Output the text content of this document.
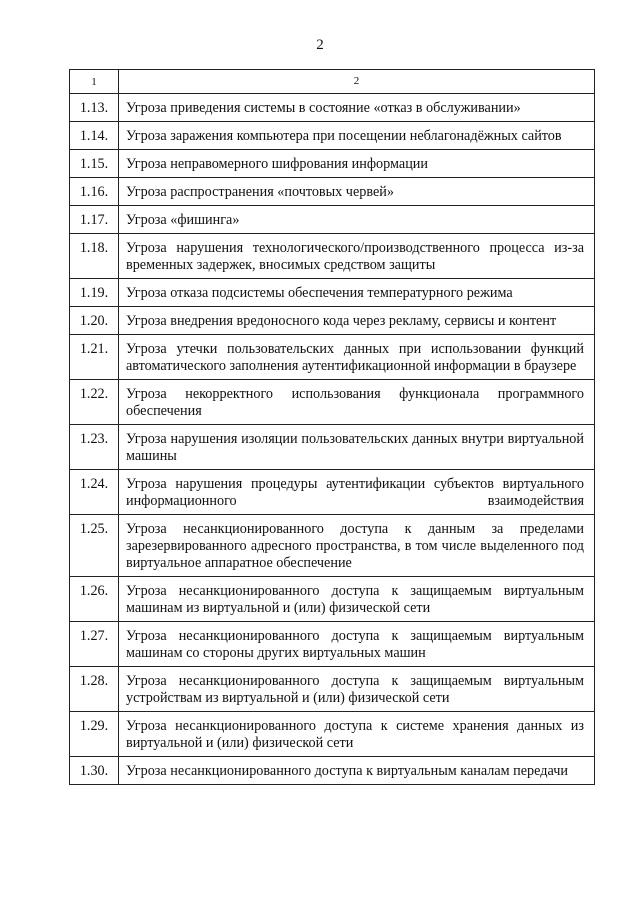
2
1	2
1.13.	Угроза приведения системы в состояние «отказ в обслуживании»
1.14.	Угроза заражения компьютера при посещении неблагонадёжных сайтов
1.15.	Угроза неправомерного шифрования информации
1.16.	Угроза распространения «почтовых червей»
1.17.	Угроза «фишинга»
1.18.	Угроза нарушения технологического/производственного процесса из-за временных задержек, вносимых средством защиты
1.19.	Угроза отказа подсистемы обеспечения температурного режима
1.20.	Угроза внедрения вредоносного кода через рекламу, сервисы и контент
1.21.	Угроза утечки пользовательских данных при использовании функций автоматического заполнения аутентификационной информации в браузере
1.22.	Угроза некорректного использования функционала программного обеспечения
1.23.	Угроза нарушения изоляции пользовательских данных внутри виртуальной машины
1.24.	Угроза нарушения процедуры аутентификации субъектов виртуального информационного взаимодействия
1.25.	Угроза несанкционированного доступа к данным за пределами зарезервированного адресного пространства, в том числе выделенного под виртуальное аппаратное обеспечение
1.26.	Угроза несанкционированного доступа к защищаемым виртуальным машинам из виртуальной и (или) физической сети
1.27.	Угроза несанкционированного доступа к защищаемым виртуальным машинам со стороны других виртуальных машин
1.28.	Угроза несанкционированного доступа к защищаемым виртуальным устройствам из виртуальной и (или) физической сети
1.29.	Угроза несанкционированного доступа к системе хранения данных из виртуальной и (или) физической сети
1.30.	Угроза несанкционированного доступа к виртуальным каналам передачи
